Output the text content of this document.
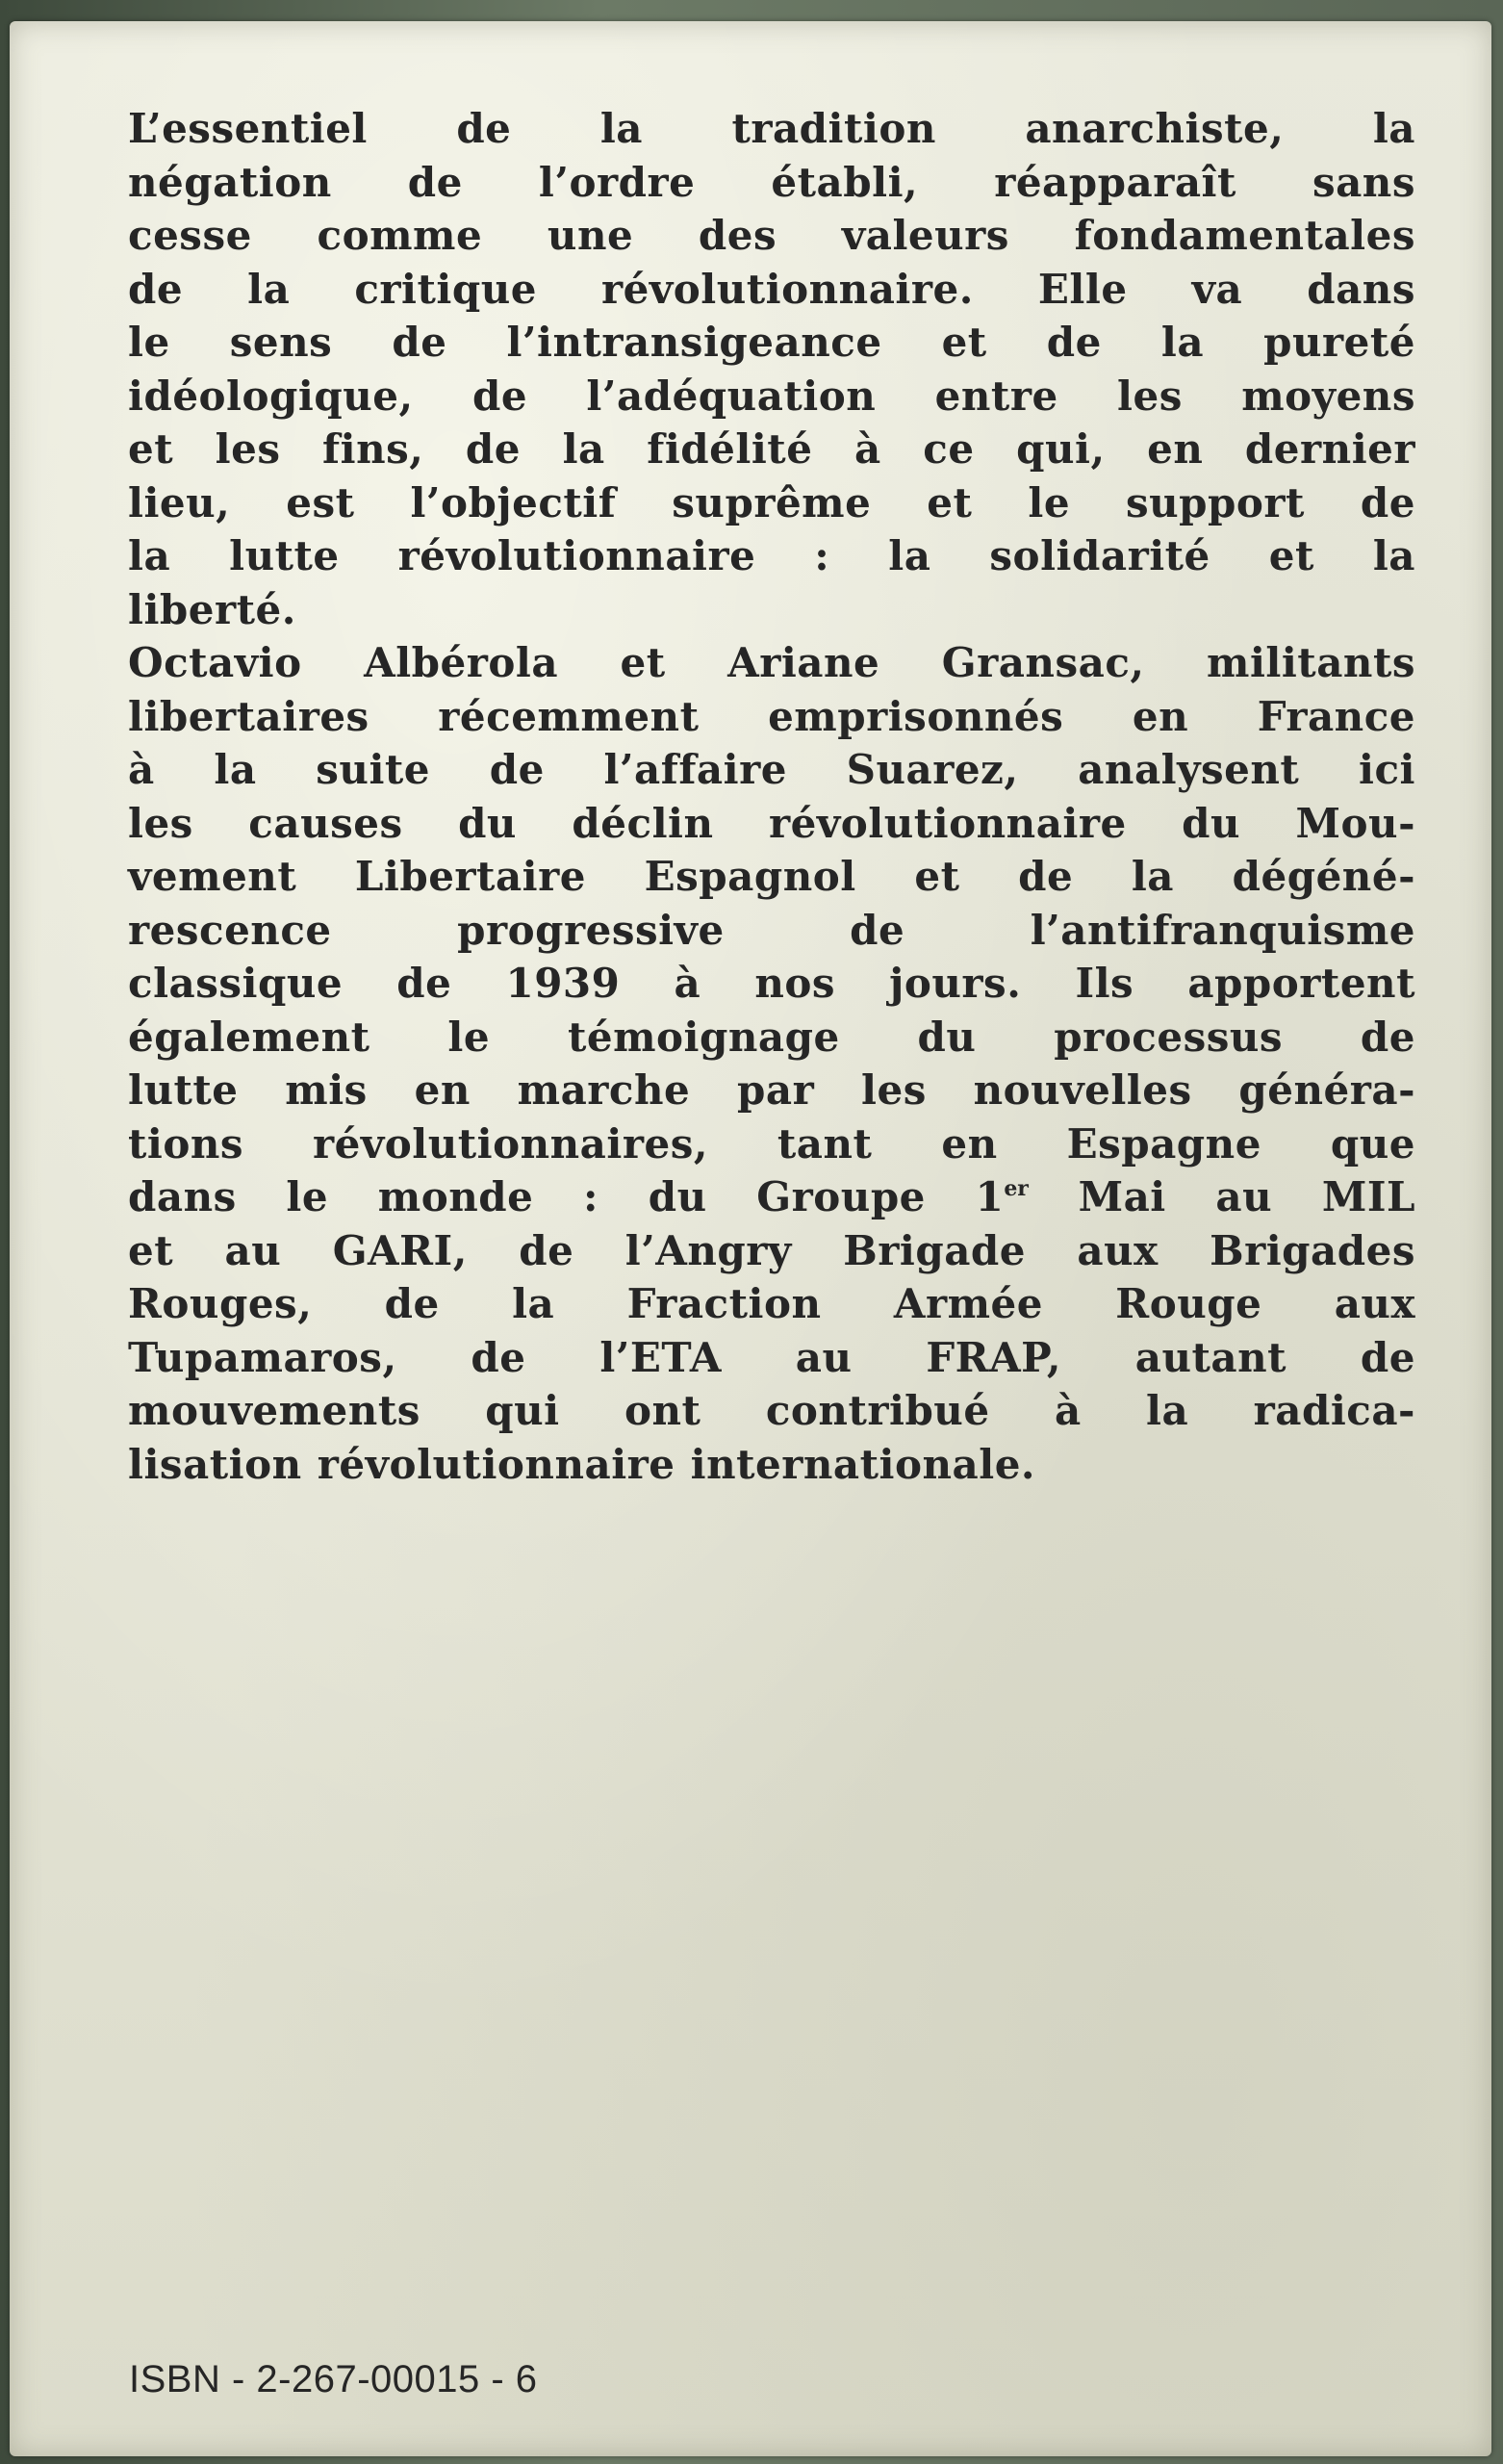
L’essentiel de la tradition anarchiste, la
négation de l’ordre établi, réapparaît sans
cesse comme une des valeurs fondamentales
de la critique révolutionnaire. Elle va dans
le sens de l’intransigeance et de la pureté
idéologique, de l’adéquation entre les moyens
et les fins, de la fidélité à ce qui, en dernier
lieu, est l’objectif suprême et le support de
la lutte révolutionnaire : la solidarité et la
liberté.
Octavio Albérola et Ariane Gransac, militants
libertaires récemment emprisonnés en France
à la suite de l’affaire Suarez, analysent ici
les causes du déclin révolutionnaire du Mou-
vement Libertaire Espagnol et de la dégéné-
rescence progressive de l’antifranquisme
classique de 1939 à nos jours. Ils apportent
également le témoignage du processus de
lutte mis en marche par les nouvelles généra-
tions révolutionnaires, tant en Espagne que
dans le monde : du Groupe 1er Mai au MIL
et au GARI, de l’Angry Brigade aux Brigades
Rouges, de la Fraction Armée Rouge aux
Tupamaros, de l’ETA au FRAP, autant de
mouvements qui ont contribué à la radica-
lisation révolutionnaire internationale.
ISBN - 2-267-00015 - 6
